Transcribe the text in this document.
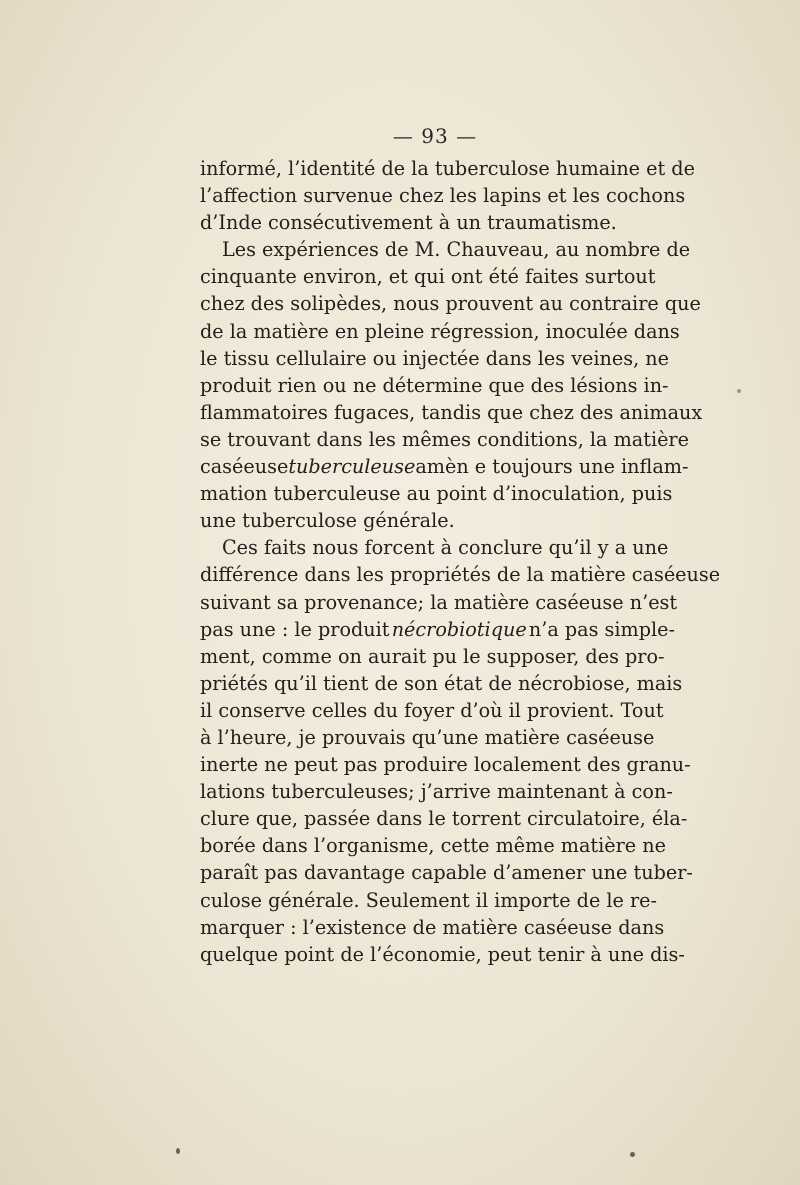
— 93 —
informé, l’identité de la tuberculose humaine et de
l’affection survenue chez les lapins et les cochons
d’Inde consécutivement à un traumatisme.
Les expériences de M. Chauveau, au nombre de
cinquante environ, et qui ont été faites surtout
chez des solipèdes, nous prouvent au contraire que
de la matière en pleine régression, inoculée dans
le tissu cellulaire ou injectée dans les veines, ne
produit rien ou ne détermine que des lésions in-
flammatoires fugaces, tandis que chez des animaux
se trouvant dans les mêmes conditions, la matière
caséeuse tuberculeuse amèn e toujours une inflam-
mation tuberculeuse au point d’inoculation, puis
une tuberculose générale.
Ces faits nous forcent à conclure qu’il y a une
différence dans les propriétés de la matière caséeuse
suivant sa provenance; la matière caséeuse n’est
pas une : le produit nécrobiotique n’a pas simple-
ment, comme on aurait pu le supposer, des pro-
priétés qu’il tient de son état de nécrobiose, mais
il conserve celles du foyer d’où il provient. Tout
à l’heure, je prouvais qu’une matière caséeuse
inerte ne peut pas produire localement des granu-
lations tuberculeuses; j’arrive maintenant à con-
clure que, passée dans le torrent circulatoire, éla-
borée dans l’organisme, cette même matière ne
paraît pas davantage capable d’amener une tuber-
culose générale. Seulement il importe de le re-
marquer : l’existence de matière caséeuse dans
quelque point de l’économie, peut tenir à une dis-
